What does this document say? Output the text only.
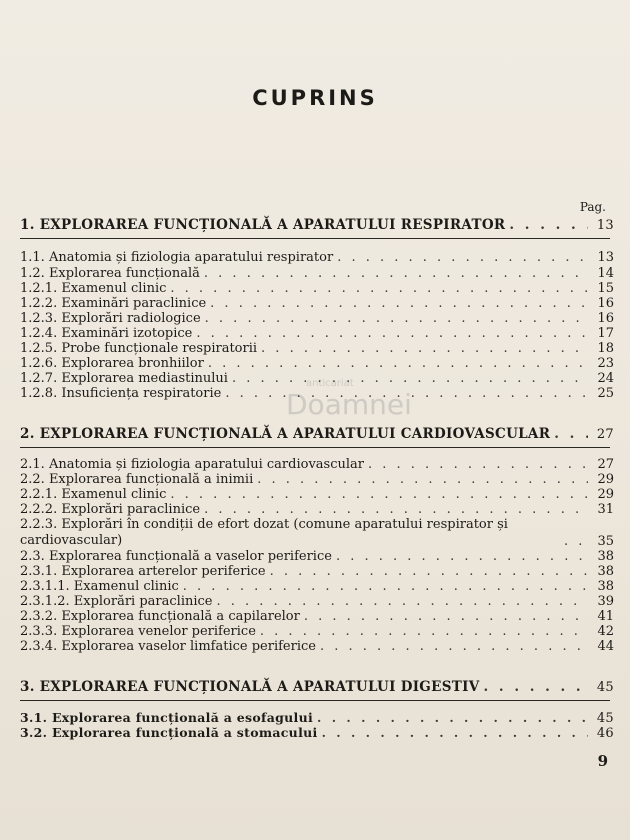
CUPRINS
Pag.
anticariat
Doamnei
1. EXPLORAREA FUNCȚIONALĂ A APARATULUI RESPIRATOR . . .	13
1.1. Anatomia și fiziologia aparatului respirator . . .	13
1.2. Explorarea funcțională . . .	14
1.2.1. Examenul clinic . . .	15
1.2.2. Examinări paraclinice . . .	16
1.2.3. Explorări radiologice . . .	16
1.2.4. Examinări izotopice . . .	17
1.2.5. Probe funcționale respiratorii . . .	18
1.2.6. Explorarea bronhiilor . . .	23
1.2.7. Explorarea mediastinului . . .	24
1.2.8. Insuficiența respiratorie . . .	25
2. EXPLORAREA FUNCȚIONALĂ A APARATULUI CARDIOVASCULAR . . .	27
2.1. Anatomia și fiziologia aparatului cardiovascular . . .	27
2.2. Explorarea funcțională a inimii . . .	29
2.2.1. Examenul clinic . . .	29
2.2.2. Explorări paraclinice . . .	31
2.2.3. Explorări în condiții de efort dozat (comune aparatului respirator și cardiovascular) . . .	35
2.3. Explorarea funcțională a vaselor periferice . . .	38
2.3.1. Explorarea arterelor periferice . . .	38
2.3.1.1. Examenul clinic . . .	38
2.3.1.2. Explorări paraclinice . . .	39
2.3.2. Explorarea funcțională a capilarelor . . .	41
2.3.3. Explorarea venelor periferice . . .	42
2.3.4. Explorarea vaselor limfatice periferice . . .	44
3. EXPLORAREA FUNCȚIONALĂ A APARATULUI DIGESTIV . . .	45
3.1. Explorarea funcțională a esofagului . . .	45
3.2. Explorarea funcțională a stomacului . . .	46
9
